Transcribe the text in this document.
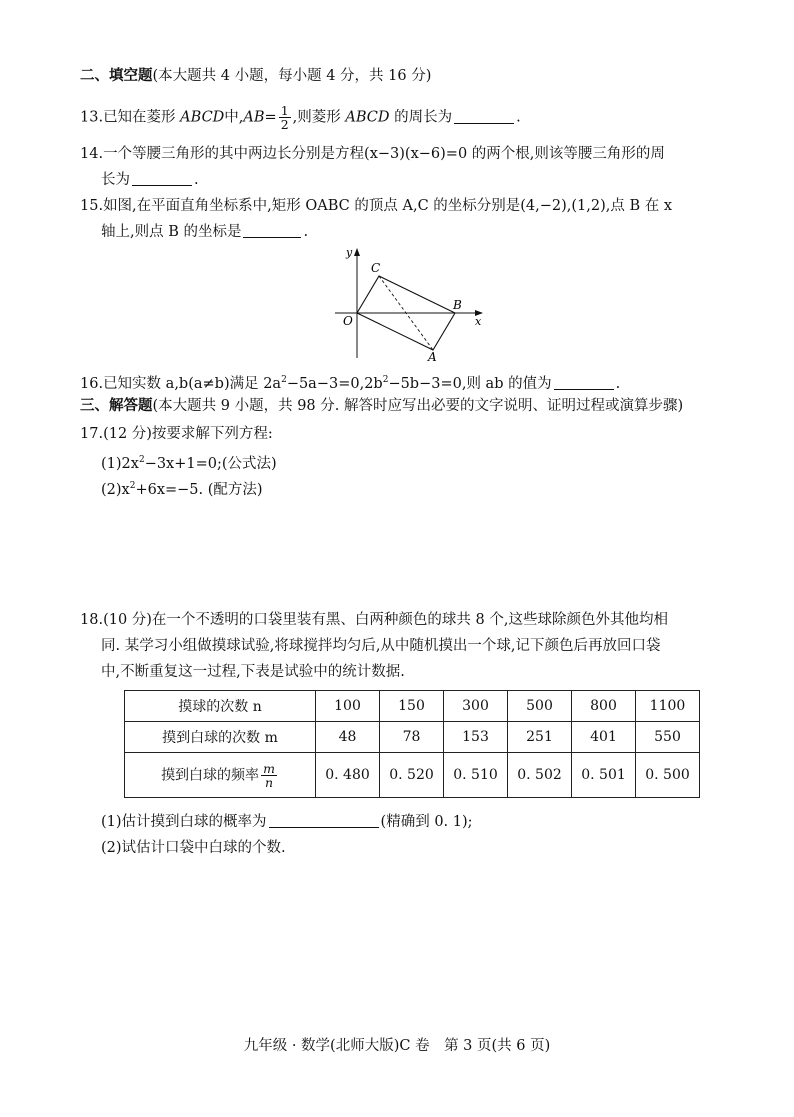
二、填空题(本大题共 4 小题，每小题 4 分，共 16 分)
13.已知在菱形 ABCD中$,AB= \frac{1}{2}$ ,则菱形 ABCD 的周长为	.
14.一个等腰三角形的其中两边长分别是方程(x−3)(x−6)=0 的两个根,则该等腰三角形的周
长为	.
15.如图,在平面直角坐标系中,矩形 OABC 的顶点 A,C 的坐标分别是(4,−2),(1,2),点 B 在 x
轴上,则点 B 的坐标是	.
y
x
O
A
B
C
16.已知实数 a,b(a≠b)满足 $2a^2-5a-3=0,2b^2-5b-3=0$,则 ab 的值为	.
三、解答题(本大题共 9 小题，共 98 分. 解答时应写出必要的文字说明、证明过程或演算步骤)
17.(12 分)按要求解下列方程:
$(1)2x^2-3x+1=0$;(公式法)
$(2)x^2+6x=-5$. (配方法)
18.(10 分)在一个不透明的口袋里装有黑、白两种颜色的球共 8 个,这些球除颜色外其他均相
同. 某学习小组做摸球试验,将球搅拌均匀后,从中随机摸出一个球,记下颜色后再放回口袋
中,不断重复这一过程,下表是试验中的统计数据.
摸球的次数 n	100	150	300	500	800	1100
摸到白球的次数 m	48	78	153	251	401	550
摸到白球的频率 $\frac{m}{n}$	0. 480	0. 520	0. 510	0. 502	0. 501	0. 500
(1)估计摸到白球的概率为	(精确到 0. 1);
(2)试估计口袋中白球的个数.
九年级 · 数学(北师大版)C 卷　第 3 页(共 6 页)
